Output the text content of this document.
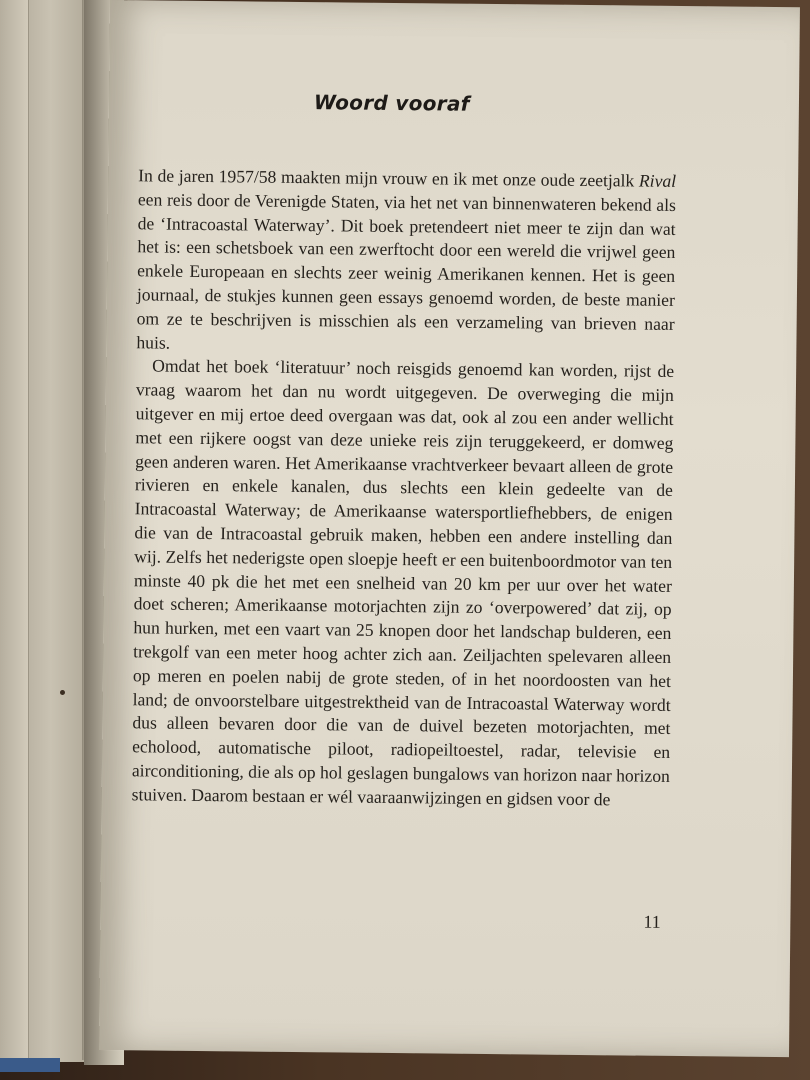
Woord vooraf

In de jaren 1957/58 maakten mijn vrouw en ik met onze oude zeetjalk Rival een reis door de Verenigde Staten, via het net van binnenwateren bekend als de ‘Intracoastal Waterway’. Dit boek pretendeert niet meer te zijn dan wat het is: een schetsboek van een zwerftocht door een wereld die vrijwel geen enkele Europeaan en slechts zeer weinig Amerikanen kennen. Het is geen journaal, de stukjes kunnen geen essays genoemd worden, de beste manier om ze te beschrijven is misschien als een verzameling van brieven naar huis.

Omdat het boek ‘literatuur’ noch reisgids genoemd kan worden, rijst de vraag waarom het dan nu wordt uitgegeven. De overweging die mijn uitgever en mij ertoe deed overgaan was dat, ook al zou een ander wellicht met een rijkere oogst van deze unieke reis zijn teruggekeerd, er domweg geen anderen waren. Het Amerikaanse vrachtverkeer bevaart alleen de grote rivieren en enkele kanalen, dus slechts een klein gedeelte van de Intracoastal Waterway; de Amerikaanse watersportliefhebbers, de enigen die van de Intracoastal gebruik maken, hebben een andere instelling dan wij. Zelfs het nederigste open sloepje heeft er een buitenboordmotor van ten minste 40 pk die het met een snelheid van 20 km per uur over het water doet scheren; Amerikaanse motorjachten zijn zo ‘overpowered’ dat zij, op hun hurken, met een vaart van 25 knopen door het landschap bulderen, een trekgolf van een meter hoog achter zich aan. Zeiljachten spelevaren alleen op meren en poelen nabij de grote steden, of in het noordoosten van het land; de onvoorstelbare uitgestrektheid van de Intracoastal Waterway wordt dus alleen bevaren door die van de duivel bezeten motorjachten, met echolood, automatische piloot, radiopeiltoestel, radar, televisie en airconditioning, die als op hol geslagen bungalows van horizon naar horizon stuiven. Daarom bestaan er wél vaaraanwijzingen en gidsen voor de

11
